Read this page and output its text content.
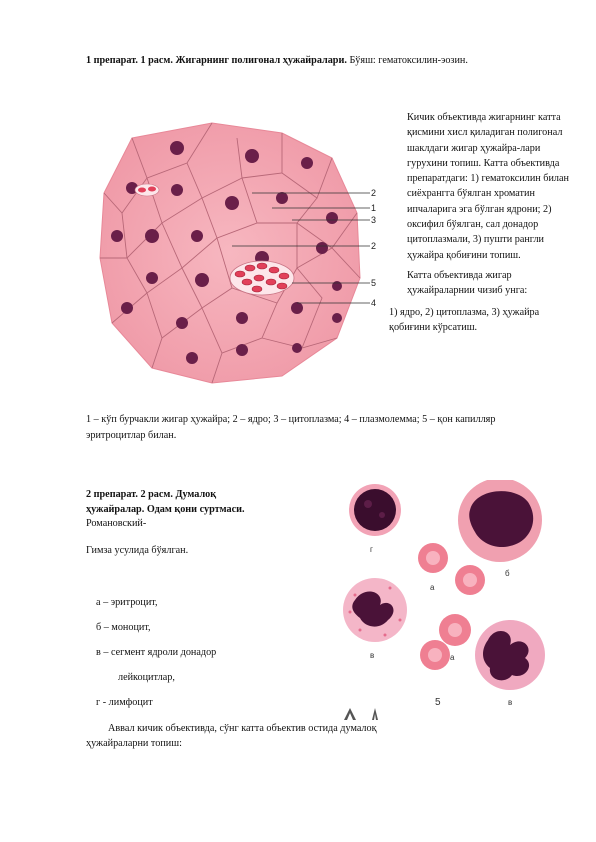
1 препарат. 1 расм. Жигарнинг полигонал ҳужайралари. Бўяш: гематоксилин-эозин.
2
1
3
2
5
4

Кичик объективда жигарнинг катта қисмини хисл қиладиган полигонал шаклдаги жигар ҳужайра-лари гурухини топиш. Катта объективда препаратдаги: 1) гематоксилин билан сиёхрангга бўялган хроматин ипчаларига эга бўлган ядрони; 2) оксифил бўялган, сал донадор цитоплазмали, 3) пушти рангли ҳужайра қобиғини топиш.

Катта объективда жигар ҳужайраларнии чизиб унга:

1) ядро, 2) цитоплазма, 3) ҳужайра қобиғини кўрсатиш.

1 – кўп бурчакли жигар ҳужайра; 2 – ядро; 3 – цитоплазма; 4 – плазмолемма; 5 – қон капилляр эритроцитлар билан.
2 препарат. 2 расм. Думалоқ
ҳужайралар. Одам қони суртмаси.
Романовский-
Гимза усулида бўялган.
а – эритроцит,
б – моноцит,
в – сегмент ядроли донадор
лейкоцитлар,
г - лимфоцит
Аввал кичик объективда, сўнг катта объектив остида думалоқ ҳужайраларни топиш:
г
б
а
а
в
5	в
